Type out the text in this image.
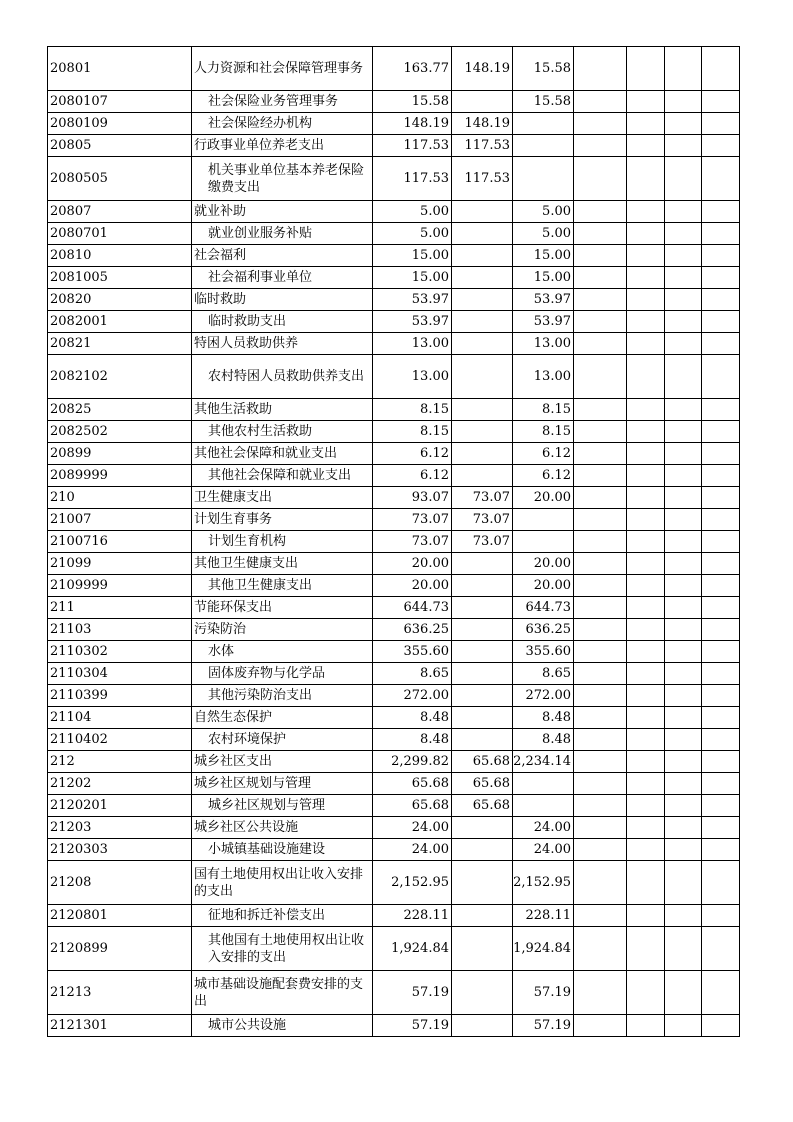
20801	人力资源和社会保障管理事务	163.77	148.19	15.58				
2080107	社会保险业务管理事务	15.58		15.58				
2080109	社会保险经办机构	148.19	148.19					
20805	行政事业单位养老支出	117.53	117.53					
2080505	机关事业单位基本养老保险缴费支出	117.53	117.53					
20807	就业补助	5.00		5.00				
2080701	就业创业服务补贴	5.00		5.00				
20810	社会福利	15.00		15.00				
2081005	社会福利事业单位	15.00		15.00				
20820	临时救助	53.97		53.97				
2082001	临时救助支出	53.97		53.97				
20821	特困人员救助供养	13.00		13.00				
2082102	农村特困人员救助供养支出	13.00		13.00				
20825	其他生活救助	8.15		8.15				
2082502	其他农村生活救助	8.15		8.15				
20899	其他社会保障和就业支出	6.12		6.12				
2089999	其他社会保障和就业支出	6.12		6.12				
210	卫生健康支出	93.07	73.07	20.00				
21007	计划生育事务	73.07	73.07					
2100716	计划生育机构	73.07	73.07					
21099	其他卫生健康支出	20.00		20.00				
2109999	其他卫生健康支出	20.00		20.00				
211	节能环保支出	644.73		644.73				
21103	污染防治	636.25		636.25				
2110302	水体	355.60		355.60				
2110304	固体废弃物与化学品	8.65		8.65				
2110399	其他污染防治支出	272.00		272.00				
21104	自然生态保护	8.48		8.48				
2110402	农村环境保护	8.48		8.48				
212	城乡社区支出	2,299.82	65.68	2,234.14				
21202	城乡社区规划与管理	65.68	65.68					
2120201	城乡社区规划与管理	65.68	65.68					
21203	城乡社区公共设施	24.00		24.00				
2120303	小城镇基础设施建设	24.00		24.00				
21208	国有土地使用权出让收入安排的支出	2,152.95		2,152.95				
2120801	征地和拆迁补偿支出	228.11		228.11				
2120899	其他国有土地使用权出让收入安排的支出	1,924.84		1,924.84				
21213	城市基础设施配套费安排的支出	57.19		57.19				
2121301	城市公共设施	57.19		57.19				
